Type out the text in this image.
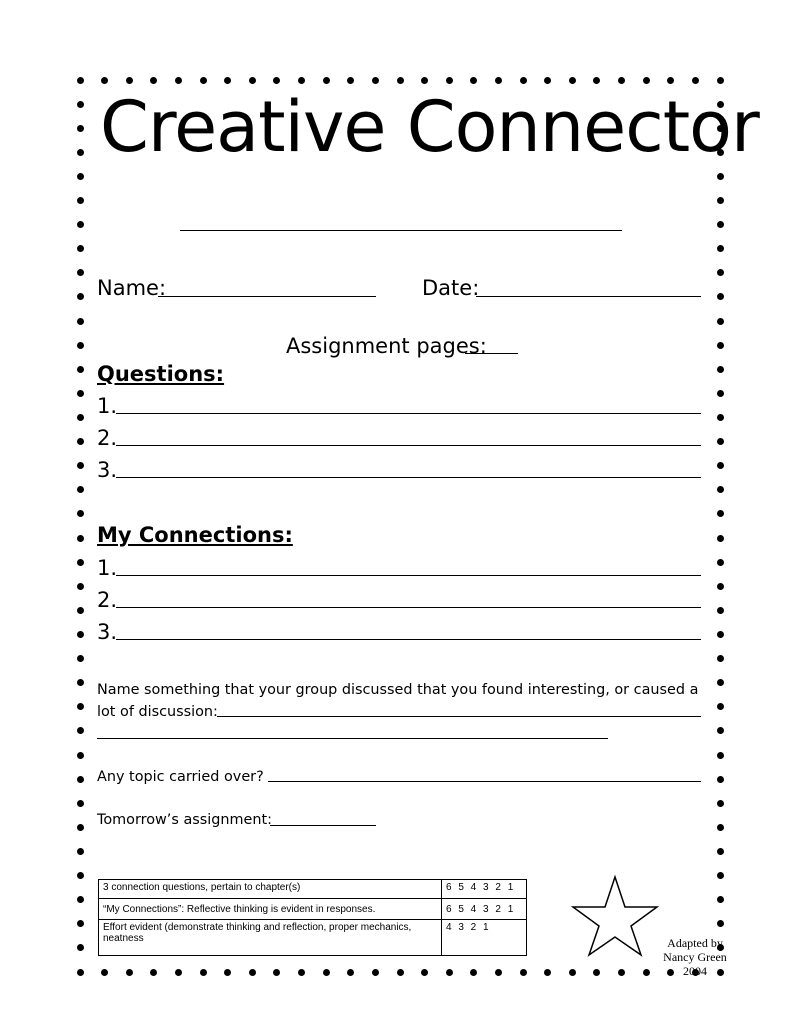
Creative Connector
Name:	Date:
Assignment pages:
Questions:
1.
2.
3.
My Connections:
1.
2.
3.
Name something that your group discussed that you found interesting, or caused a
lot of discussion:
Any topic carried over?
Tomorrow’s assignment:
3 connection questions, pertain to chapter(s)	6 5 4 3 2 1
“My Connections”: Reflective thinking is evident in responses.	6 5 4 3 2 1
Effort evident (demonstrate thinking and reflection, proper mechanics, neatness	4 3 2 1
Adapted by
Nancy Green
2004
